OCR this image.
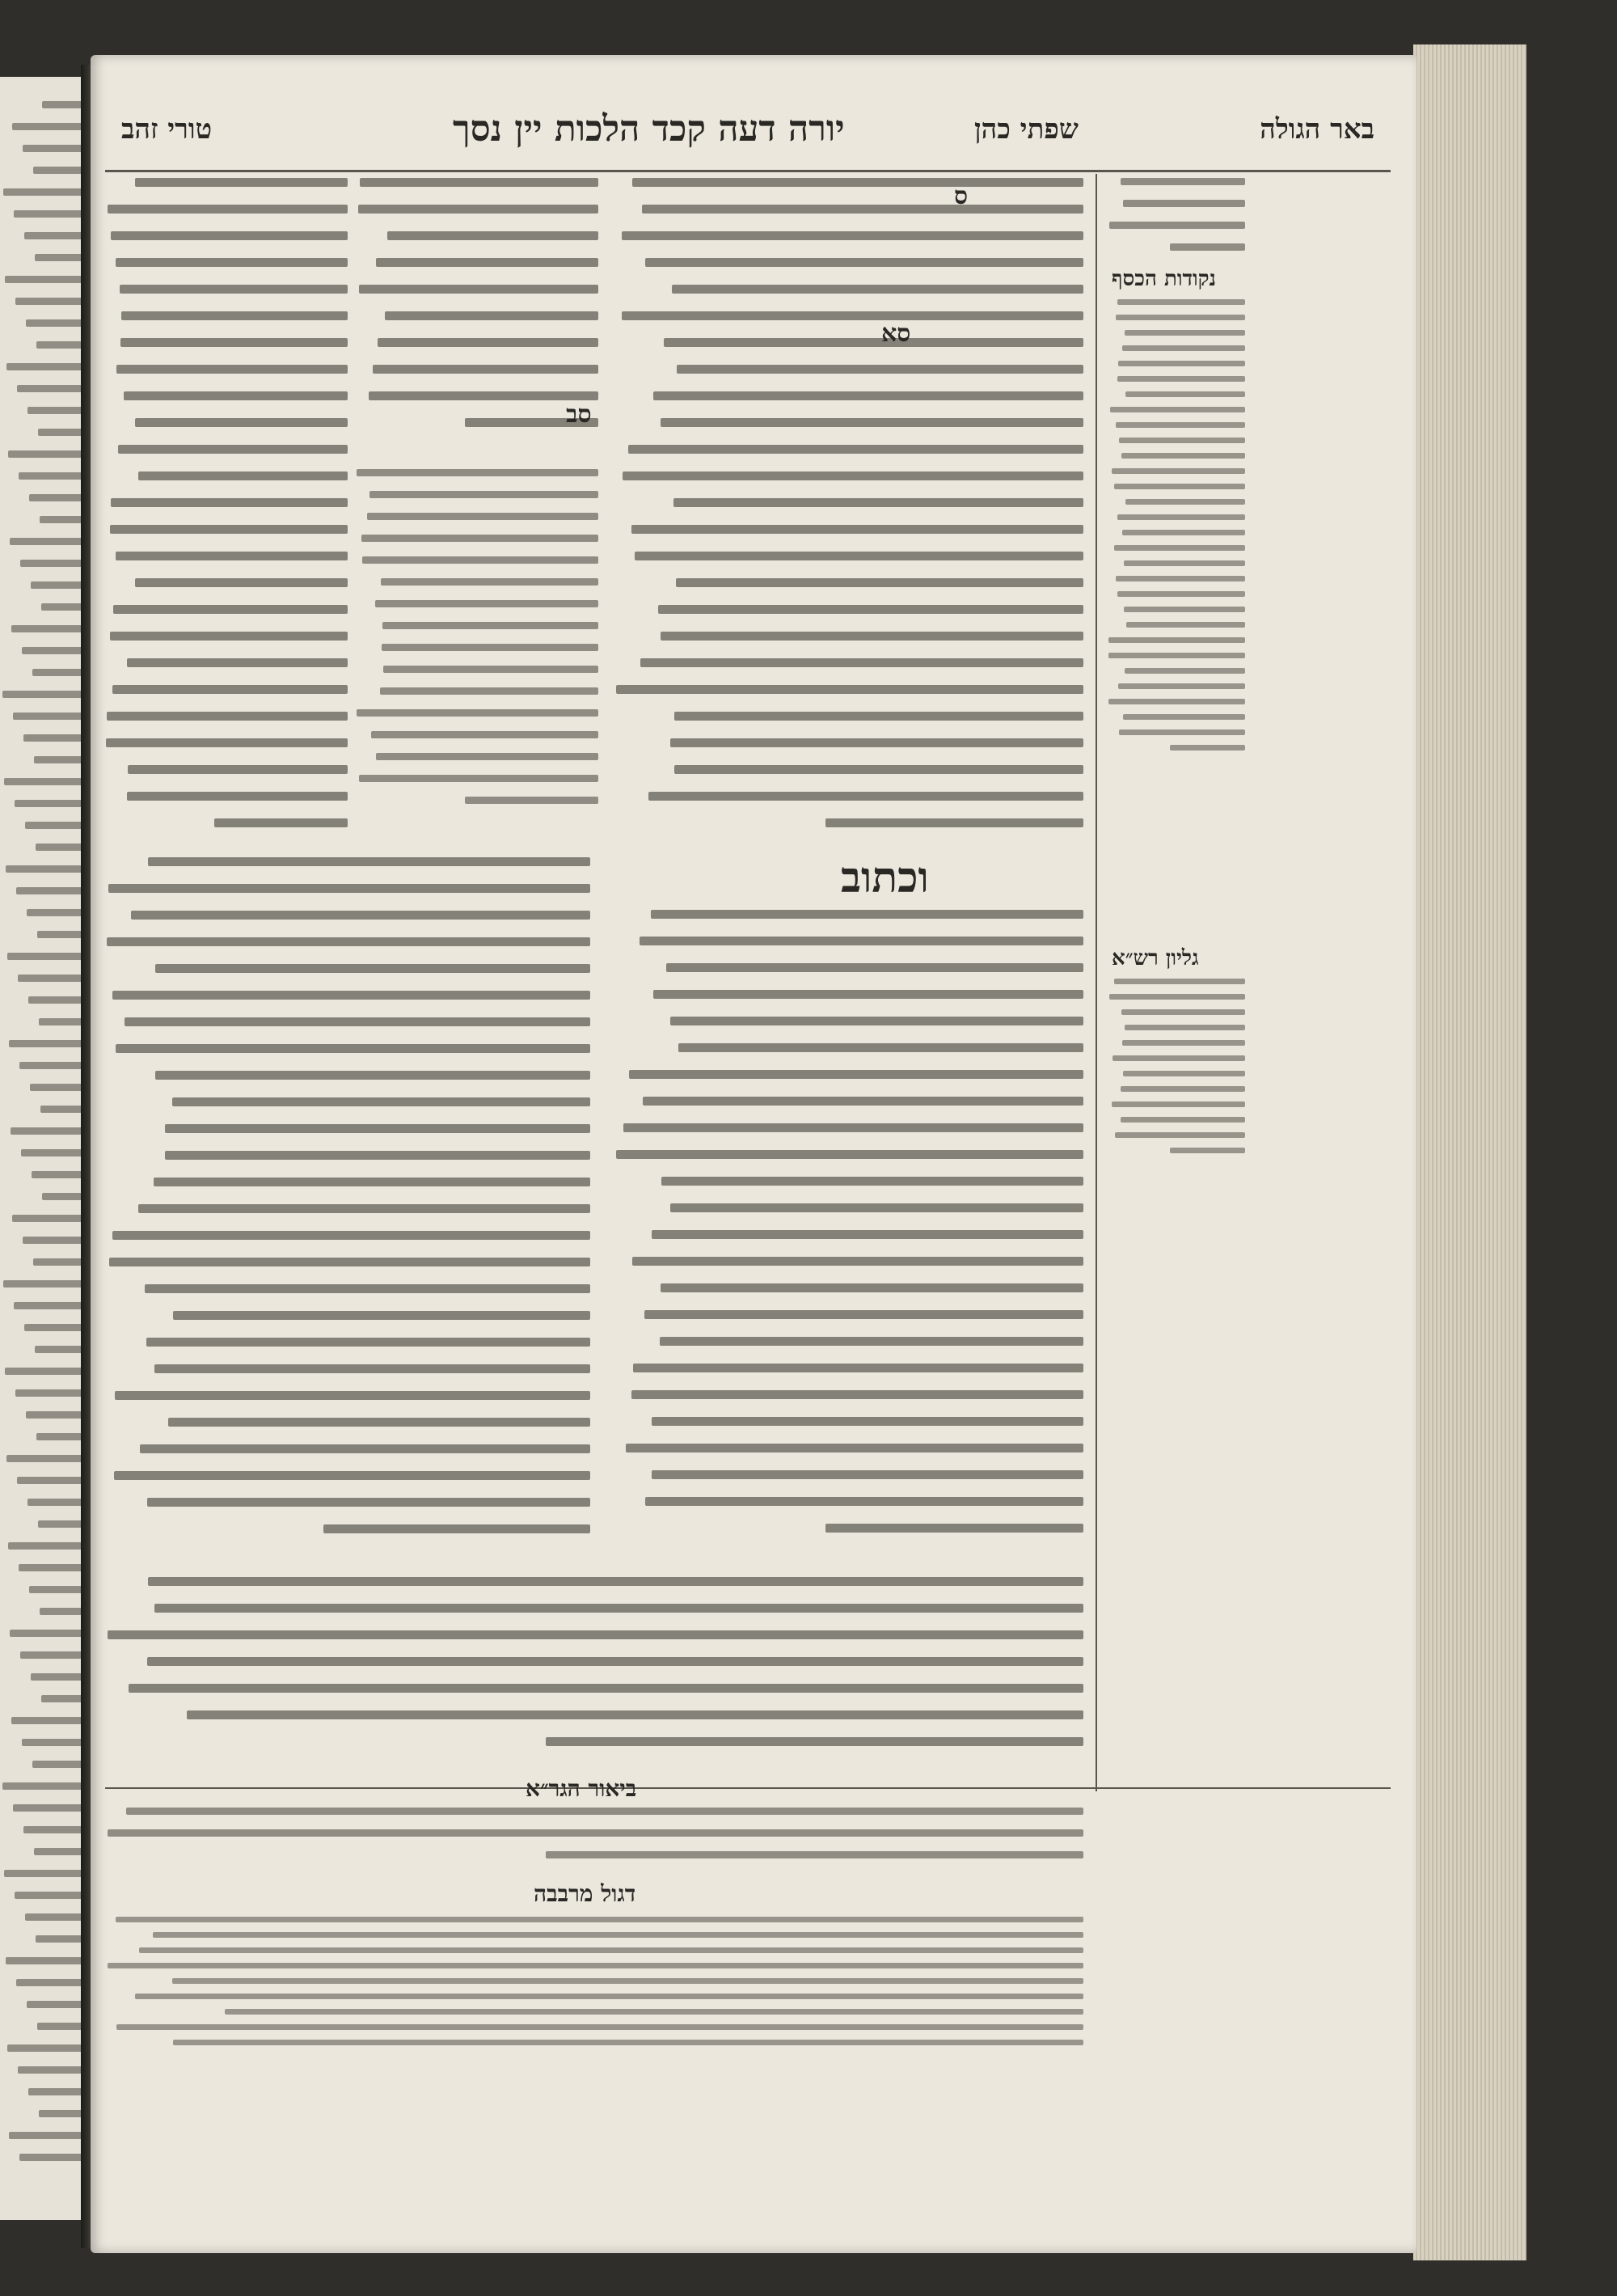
באר הגולה
שפתי כהן
יורה דעה קכד הלכות יין נסך
טורי זהב
נקודות הכסף
גליון רש״א
וכתוב
ביאור הגר״א
דגול מרבבה
ס
סא
סב
